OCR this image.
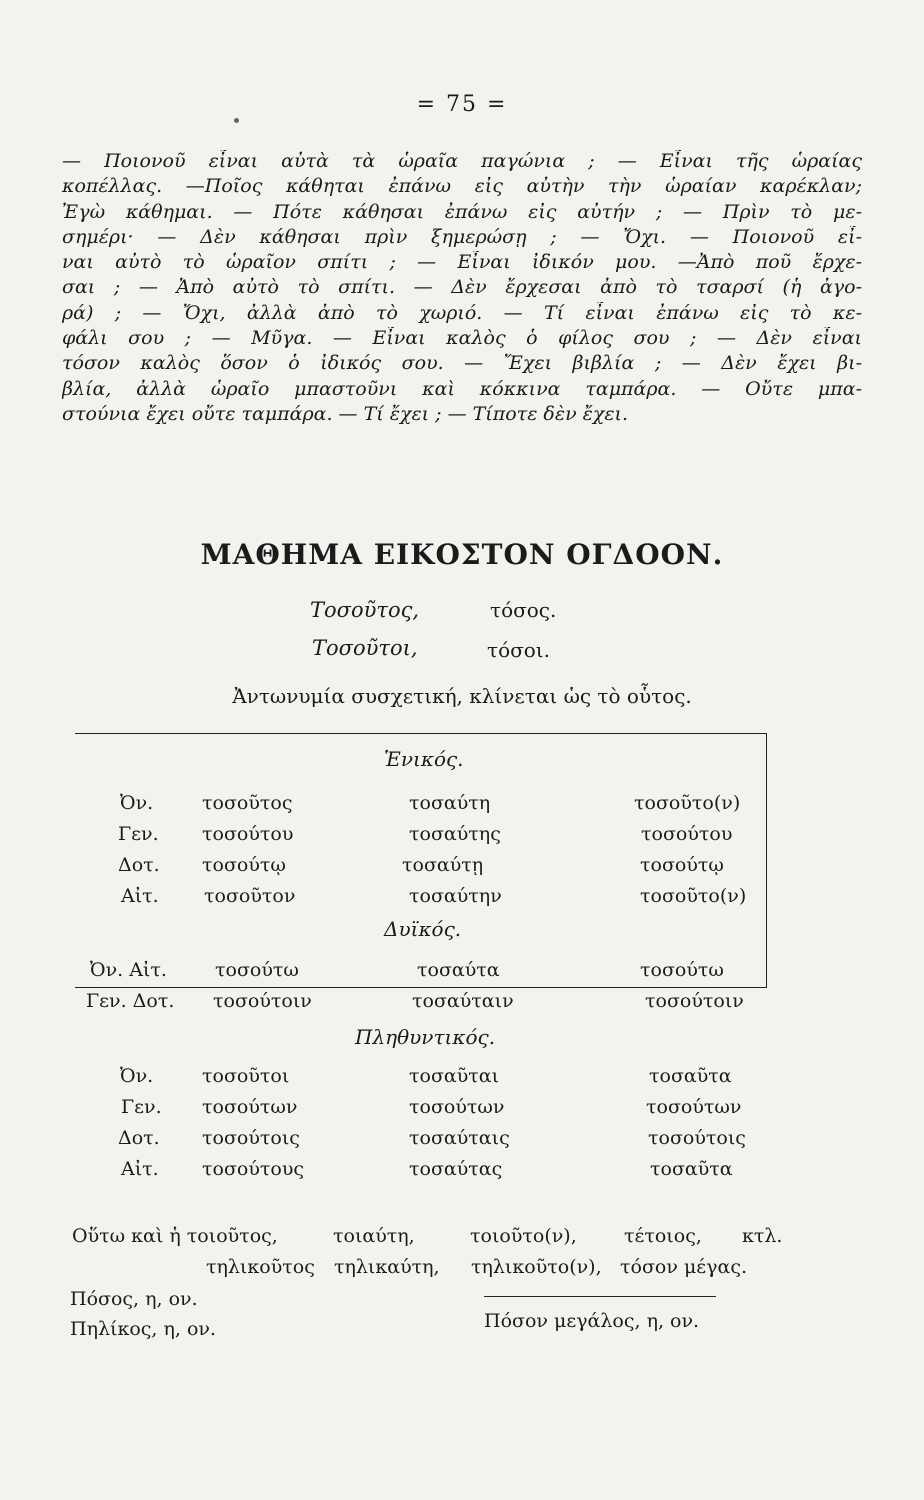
= 75 =
— Ποιονοῦ εἶναι αὐτὰ τὰ ὡραῖα παγώνια ; — Εἶναι τῆς ὡραίας
κοπέλλας. —Ποῖος κάθηται ἐπάνω εἰς αὐτὴν τὴν ὡραίαν καρέκλαν;
Ἐγὼ κάθημαι. — Πότε κάθησαι ἐπάνω εἰς αὐτήν ; — Πρὶν τὸ με-
σημέρι· — Δὲν κάθησαι πρὶν ξημερώσῃ ; — Ὄχι. — Ποιονοῦ εἶ-
ναι αὐτὸ τὸ ὡραῖον σπίτι ; — Εἶναι ἰδικόν μου. —Ἀπὸ ποῦ ἔρχε-
σαι ; — Ἀπὸ αὐτὸ τὸ σπίτι. — Δὲν ἔρχεσαι ἀπὸ τὸ τσαρσί (ἡ ἀγο-
ρά) ; — Ὄχι, ἀλλὰ ἀπὸ τὸ χωριό. — Τί εἶναι ἐπάνω εἰς τὸ κε-
φάλι σου ; — Μῦγα. — Εἶναι καλὸς ὁ φίλος σου ; — Δὲν εἶναι
τόσον καλὸς ὅσον ὁ ἰδικός σου. — Ἔχει βιβλία ; — Δὲν ἔχει βι-
βλία, ἀλλὰ ὡραῖο μπαστοῦνι καὶ κόκκινα ταμπάρα. — Οὔτε μπα-
στούνια ἔχει οὔτε ταμπάρα. — Τί ἔχει ; — Τίποτε δὲν ἔχει.
ΜΑΘΗΜΑ ΕΙΚΟΣΤΟΝ ΟΓΔΟΟΝ.
Τοσοῦτος,	τόσος.
Τοσοῦτοι,	τόσοι.
Ἀντωνυμία συσχετική, κλίνεται ὡς τὸ οὗτος.
Ἑνικός.
Ὀν.	τοσοῦτος	τοσαύτη	τοσοῦτο(ν)
Γεν. τοσούτου	τοσαύτης	τοσούτου
Δοτ. τοσούτῳ	τοσαύτῃ	τοσούτῳ
Αἰτ. τοσοῦτον	τοσαύτην	τοσοῦτο(ν)
Δυϊκός.
Ὀν. Αἰτ.	τοσούτω	τοσαύτα	τοσούτω
Γεν. Δοτ. τοσούτοιν	τοσαύταιν	τοσούτοιν
Πληθυντικός.
Ὀν.	τοσοῦτοι	τοσαῦται	τοσαῦτα
Γεν. τοσούτων	τοσούτων	τοσούτων
Δοτ. τοσούτοις	τοσαύταις	τοσούτοις
Αἰτ. τοσούτους	τοσαύτας	τοσαῦτα
Οὕτω καὶ ἡ τοιοῦτος,	τοιαύτη,	τοιοῦτο(ν), τέτοιος, κτλ.
τηλικοῦτος τηλικαύτη, τηλικοῦτο(ν), τόσον μέγας.
Πόσος, η, ον.
Πηλίκος, η, ον.	Πόσον μεγάλος, η, ον.
